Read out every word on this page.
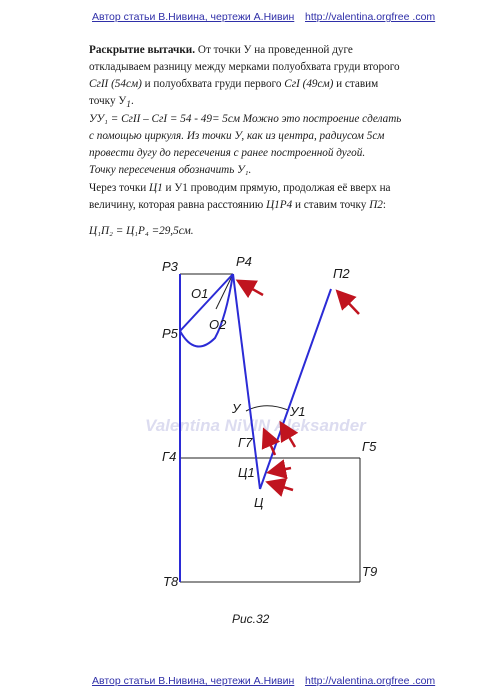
Автор статьи В.Нивина, чертежи А.Нивин http://valentina.orgfree .com

Раскрытие вытачки. От точки У на проведенной дуге

откладываем разницу между мерками полуобхвата груди второго

СгII (54см) и полуобхвата груди первого СгI (49см) и ставим

точку $У_1$.

УУ₁ = СгII – СгI = 54 - 49= 5см Можно это построение сделать

с помощью циркуля. Из точки У, как из центра, радиусом 5см

провести дугу до пересечения с ранее построенной дугой.

Точку пересечения обозначить У₁.

Через точки Ц1 и У1 проводим прямую, продолжая её вверх на

величину, которая равна расстоянию Ц1Р4 и ставим точку П2:

Ц₁П₂ = Ц₁Р₄ =29,5см.
Valentina NiVIN Aleksander
Р3	Р4
П2
О1
Р5
О2
У	У1
Г7
Г4
Г5
Ц1
Ц
Т8
Т9
Рис.32
Автор статьи В.Нивина, чертежи А.Нивин http://valentina.orgfree .com
